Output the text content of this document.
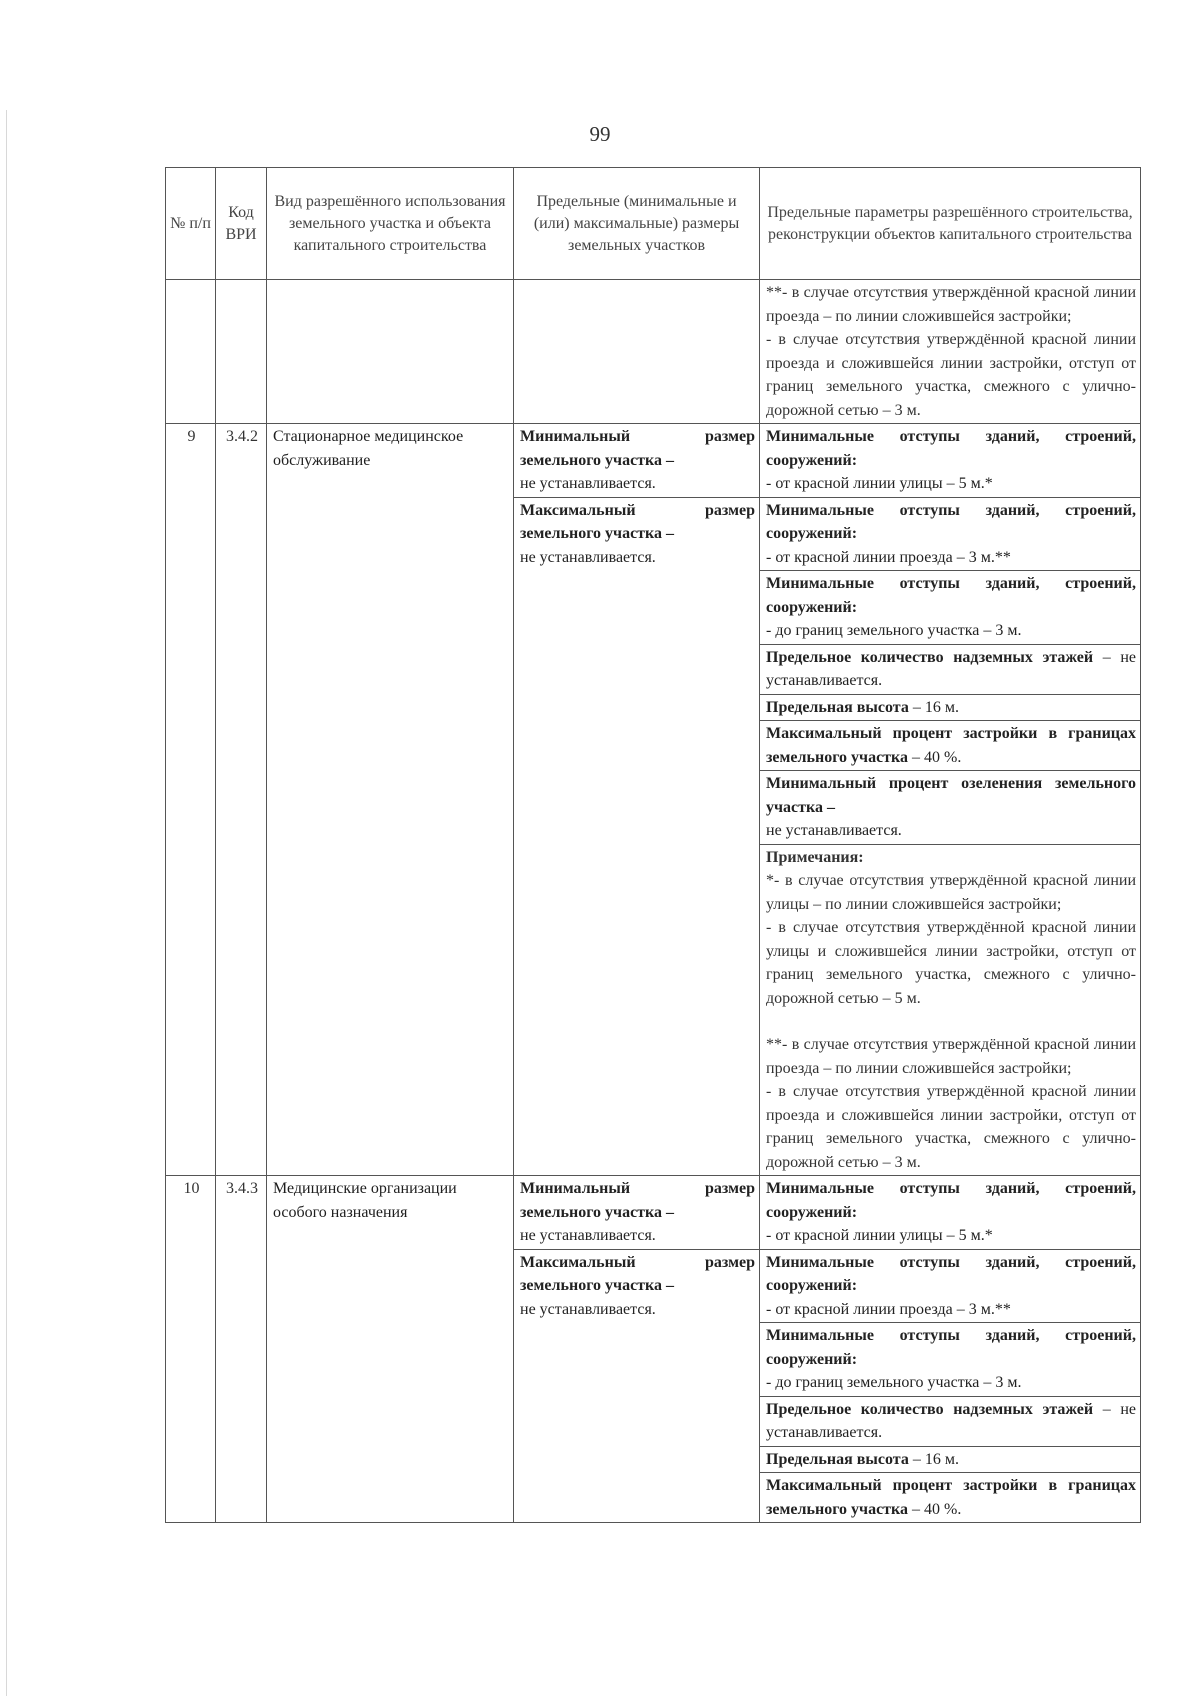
99
№ п/п	Код ВРИ	Вид разрешённого использования земельного участка и объекта капитального строительства	Предельные (минимальные и (или) максимальные) размеры земельных участков	Предельные параметры разрешённого строительства, реконструкции объектов капитального строительства

				**- в случае отсутствия утверждённой красной линии проезда – по линии сложившейся застройки;
- в случае отсутствия утверждённой красной линии проезда и сложившейся линии застройки, отступ от границ земельного участка, смежного с улично-дорожной сетью – 3 м.

9	3.4.2	Стационарное медицинское обслуживание	Минимальный размер земельного участка –
не устанавливается.	Минимальные отступы зданий, строений, сооружений:
- от красной линии улицы – 5 м.*

			Максимальный размер земельного участка –
не устанавливается.	Минимальные отступы зданий, строений, сооружений:
- от красной линии проезда – 3 м.**

				Минимальные отступы зданий, строений, сооружений:
- до границ земельного участка – 3 м.

				Предельное количество надземных этажей – не устанавливается.
				Предельная высота – 16 м.
				Максимальный процент застройки в границах земельного участка – 40 %.
				Минимальный процент озеленения земельного участка –
не устанавливается.

				Примечания:
*- в случае отсутствия утверждённой красной линии улицы – по линии сложившейся застройки;
- в случае отсутствия утверждённой красной линии улицы и сложившейся линии застройки, отступ от границ земельного участка, смежного с улично-дорожной сетью – 5 м.
**- в случае отсутствия утверждённой красной линии проезда – по линии сложившейся застройки;
- в случае отсутствия утверждённой красной линии проезда и сложившейся линии застройки, отступ от границ земельного участка, смежного с улично-дорожной сетью – 3 м.

10	3.4.3	Медицинские организации особого назначения	Минимальный размер земельного участка –
не устанавливается.	Минимальные отступы зданий, строений, сооружений:
- от красной линии улицы – 5 м.*

			Максимальный размер земельного участка –
не устанавливается.	Минимальные отступы зданий, строений, сооружений:
- от красной линии проезда – 3 м.**

				Минимальные отступы зданий, строений, сооружений:
- до границ земельного участка – 3 м.

				Предельное количество надземных этажей – не устанавливается.
				Предельная высота – 16 м.
				Максимальный процент застройки в границах земельного участка – 40 %.
